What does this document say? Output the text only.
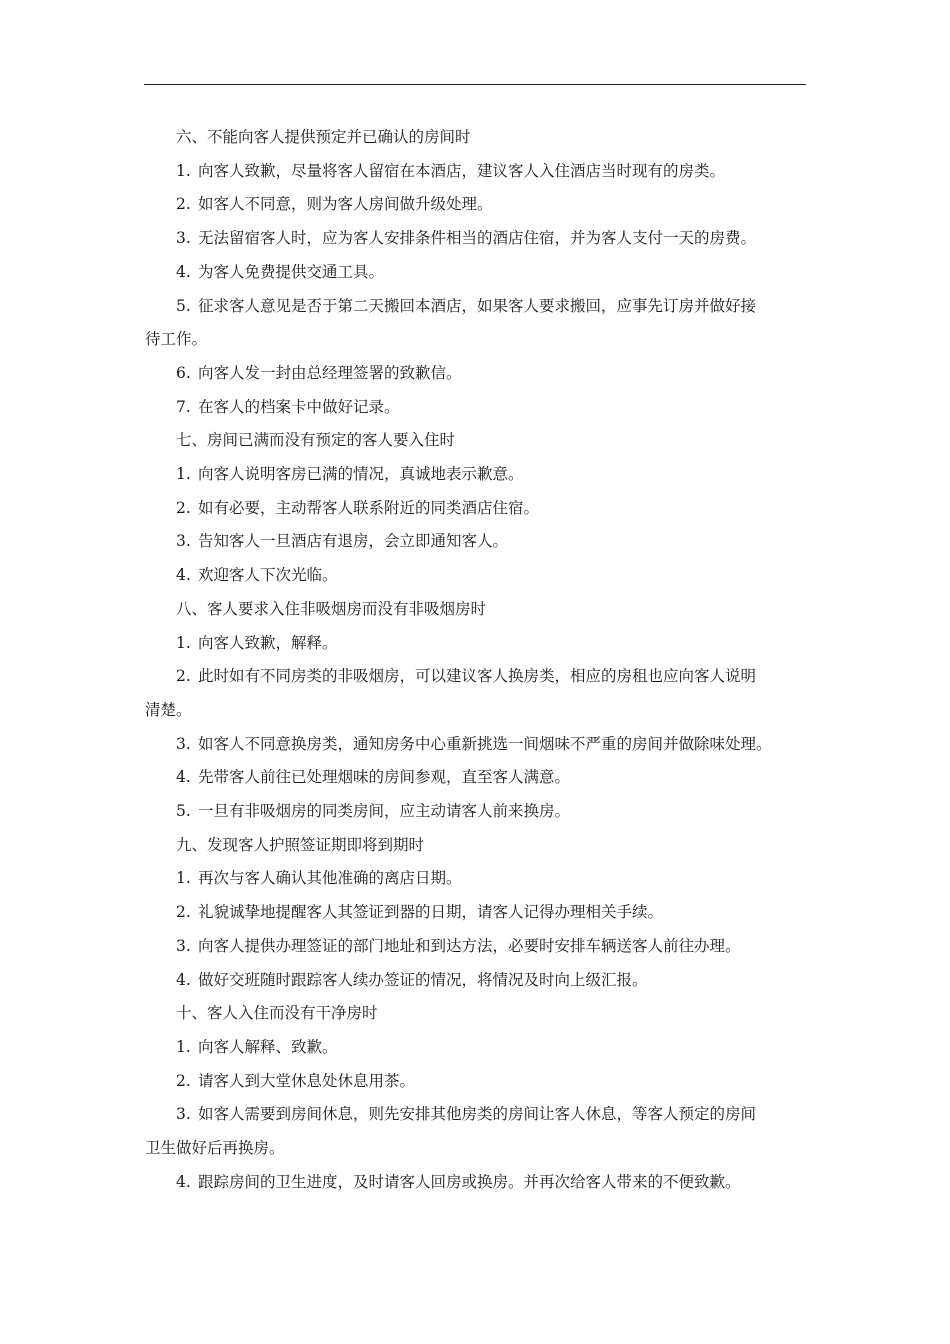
六、不能向客人提供预定并已确认的房间时
1. 向客人致歉，尽量将客人留宿在本酒店，建议客人入住酒店当时现有的房类。
2. 如客人不同意，则为客人房间做升级处理。
3. 无法留宿客人时，应为客人安排条件相当的酒店住宿，并为客人支付一天的房费。
4. 为客人免费提供交通工具。
5. 征求客人意见是否于第二天搬回本酒店，如果客人要求搬回，应事先订房并做好接
待工作。
6. 向客人发一封由总经理签署的致歉信。
7. 在客人的档案卡中做好记录。
七、房间已满而没有预定的客人要入住时
1. 向客人说明客房已满的情况，真诚地表示歉意。
2. 如有必要，主动帮客人联系附近的同类酒店住宿。
3. 告知客人一旦酒店有退房，会立即通知客人。
4. 欢迎客人下次光临。
八、客人要求入住非吸烟房而没有非吸烟房时
1. 向客人致歉，解释。
2. 此时如有不同房类的非吸烟房，可以建议客人换房类，相应的房租也应向客人说明
清楚。
3. 如客人不同意换房类，通知房务中心重新挑选一间烟味不严重的房间并做除味处理。
4. 先带客人前往已处理烟味的房间参观，直至客人满意。
5. 一旦有非吸烟房的同类房间，应主动请客人前来换房。
九、发现客人护照签证期即将到期时
1. 再次与客人确认其他准确的离店日期。
2. 礼貌诚挚地提醒客人其签证到器的日期，请客人记得办理相关手续。
3. 向客人提供办理签证的部门地址和到达方法，必要时安排车辆送客人前往办理。
4. 做好交班随时跟踪客人续办签证的情况，将情况及时向上级汇报。
十、客人入住而没有干净房时
1. 向客人解释、致歉。
2. 请客人到大堂休息处休息用茶。
3. 如客人需要到房间休息，则先安排其他房类的房间让客人休息，等客人预定的房间
卫生做好后再换房。
4. 跟踪房间的卫生进度，及时请客人回房或换房。并再次给客人带来的不便致歉。
